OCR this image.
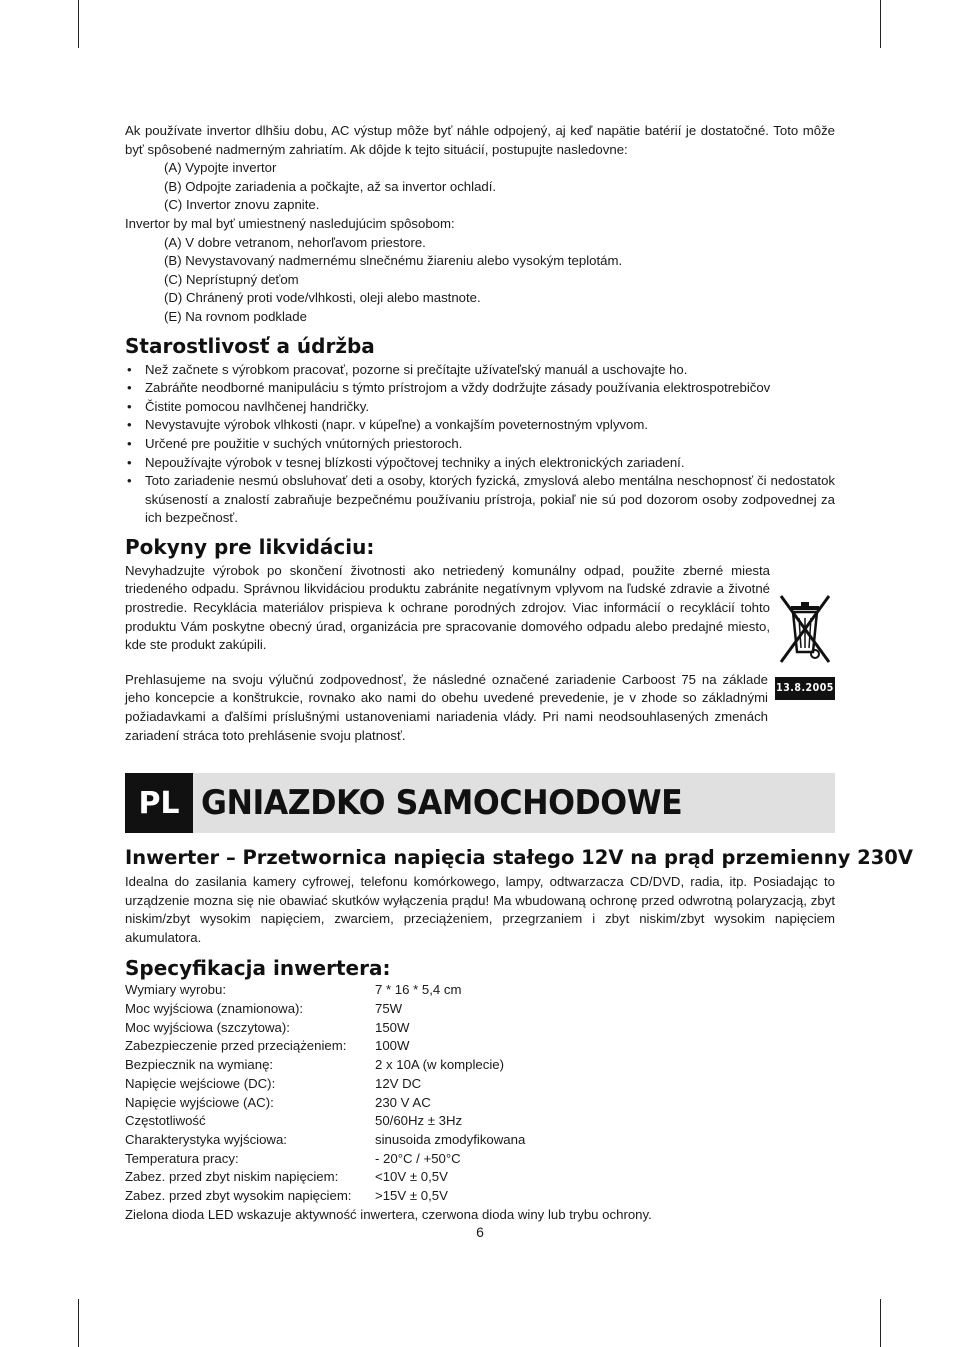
Ak používate invertor dlhšiu dobu, AC výstup môže byť náhle odpojený, aj keď napätie batérií je dostatočné. Toto môže byť spôsobené nadmerným zahriatím. Ak dôjde k tejto situácií, postupujte nasledovne:

(A) Vypojte invertor
(B) Odpojte zariadenia a počkajte, až sa invertor ochladí.
(C) Invertor znovu zapnite.

Invertor by mal byť umiestnený nasledujúcim spôsobom:

(A) V dobre vetranom, nehorľavom priestore.
(B) Nevystavovaný nadmernému slnečnému žiareniu alebo vysokým teplotám.
(C) Neprístupný deťom
(D) Chránený proti vode/vlhkosti, oleji alebo mastnote.
(E) Na rovnom podklade
Starostlivosť a údržba
• Než začnete s výrobkom pracovať, pozorne si prečítajte užívateľský manuál a uschovajte ho.
• Zabráňte neodborné manipuláciu s týmto prístrojom a vždy dodržujte zásady používania elektrospotrebičov
• Čistite pomocou navlhčenej handričky.
• Nevystavujte výrobok vlhkosti (napr. v kúpeľne) a vonkajším poveternostným vplyvom.
• Určené pre použitie v suchých vnútorných priestoroch.
• Nepoužívajte výrobok v tesnej blízkosti výpočtovej techniky a iných elektronických zariadení.
• Toto zariadenie nesmú obsluhovať deti a osoby, ktorých fyzická, zmyslová alebo mentálna neschopnosť či nedostatok skúseností a znalostí zabraňuje bezpečnému používaniu prístroja, pokiaľ nie sú pod dozorom osoby zodpovednej za ich bezpečnosť.
Pokyny pre likvidáciu:

Nevyhadzujte výrobok po skončení životnosti ako netriedený komunálny odpad, použite zberné miesta triedeného odpadu. Správnou likvidáciou produktu zabránite negatívnym vplyvom na ľudské zdravie a životné prostredie. Recyklácia materiálov prispieva k ochrane porodných zdrojov. Viac informácií o recyklácií tohto produktu Vám poskytne obecný úrad, organizácia pre spracovanie domového odpadu alebo predajné miesto, kde ste produkt zakúpili.

Prehlasujeme na svoju výlučnú zodpovednosť, že následné označené zariadenie Carboost 75 na základe jeho koncepcie a konštrukcie, rovnako ako nami do obehu uvedené prevedenie, je v zhode so základnými požiadavkami a ďalšími príslušnými ustanoveniami nariadenia vlády. Pri nami neodsouhlasených zmenách zariadení stráca toto prehlásenie svoju platnosť.

13.8.2005
PL GNIAZDKO SAMOCHODOWE
Inwerter – Przetwornica napięcia stałego 12V na prąd przemienny 230V

Idealna do zasilania kamery cyfrowej, telefonu komórkowego, lampy, odtwarzacza CD/DVD, radia, itp. Posiadając to urządzenie mozna się nie obawiać skutków wyłączenia prądu! Ma wbudowaną ochronę przed odwrotną polaryzacją, zbyt niskim/zbyt wysokim napięciem, zwarciem, przeciążeniem, przegrzaniem i zbyt niskim/zbyt wysokim napięciem akumulatora.

Specyfikacja inwertera:
Wymiary wyrobu:	7 * 16 * 5,4 cm
Moc wyjściowa (znamionowa):	75W
Moc wyjściowa (szczytowa):	150W
Zabezpieczenie przed przeciążeniem:	100W
Bezpiecznik na wymianę:	2 x 10A (w komplecie)
Napięcie wejściowe (DC):	12V DC
Napięcie wyjściowe (AC):	230 V AC
Częstotliwość	50/60Hz ± 3Hz
Charakterystyka wyjściowa:	sinusoida zmodyfikowana
Temperatura pracy:	- 20°C / +50°C
Zabez. przed zbyt niskim napięciem:	<10V ± 0,5V
Zabez. przed zbyt wysokim napięciem:	>15V ± 0,5V

Zielona dioda LED wskazuje aktywność inwertera, czerwona dioda winy lub trybu ochrony.

6
